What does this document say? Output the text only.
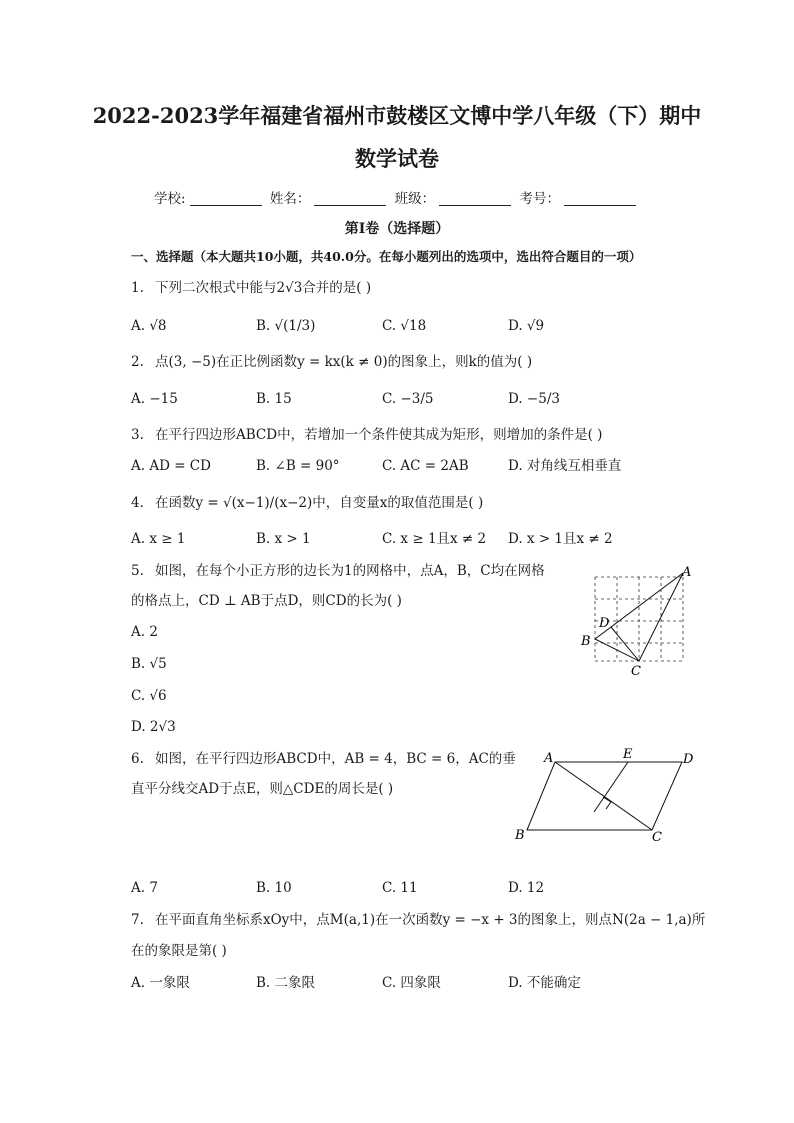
2022-2023学年福建省福州市鼓楼区文博中学八年级（下）期中
数学试卷
学校:	姓名：	班级：	考号：
第I卷（选择题）
一、选择题（本大题共10小题，共40.0分。在每小题列出的选项中，选出符合题目的一项）
1. 下列二次根式中能与2√3合并的是( )
A. √8	B. √(1/3)	C. √18	D. √9
2. 点(3, −5)在正比例函数y = kx(k ≠ 0)的图象上，则k的值为( )
A. −15	B. 15	C. −3/5	D. −5/3
3. 在平行四边形ABCD中，若增加一个条件使其成为矩形，则增加的条件是( )
A. AD = CD	B. ∠B = 90°	C. AC = 2AB	D. 对角线互相垂直
4. 在函数y = √(x−1)/(x−2)中，自变量x的取值范围是( )
A. x ≥ 1	B. x > 1	C. x ≥ 1且x ≠ 2 D. x > 1且x ≠ 2
5. 如图，在每个小正方形的边长为1的网格中，点A，B，C均在网格
的格点上，CD ⊥ AB于点D，则CD的长为( )
A. 2
B. √5
C. √6
D. 2√3
A
B
C
D
6. 如图，在平行四边形ABCD中，AB = 4，BC = 6，AC的垂
直平分线交AD于点E，则△CDE的周长是( )
A. 7	B. 10	C. 11	D. 12
A	E	D
B	C
7. 在平面直角坐标系xOy中，点M(a,1)在一次函数y = −x + 3的图象上，则点N(2a − 1,a)所
在的象限是第( )
A. 一象限	B. 二象限	C. 四象限	D. 不能确定
